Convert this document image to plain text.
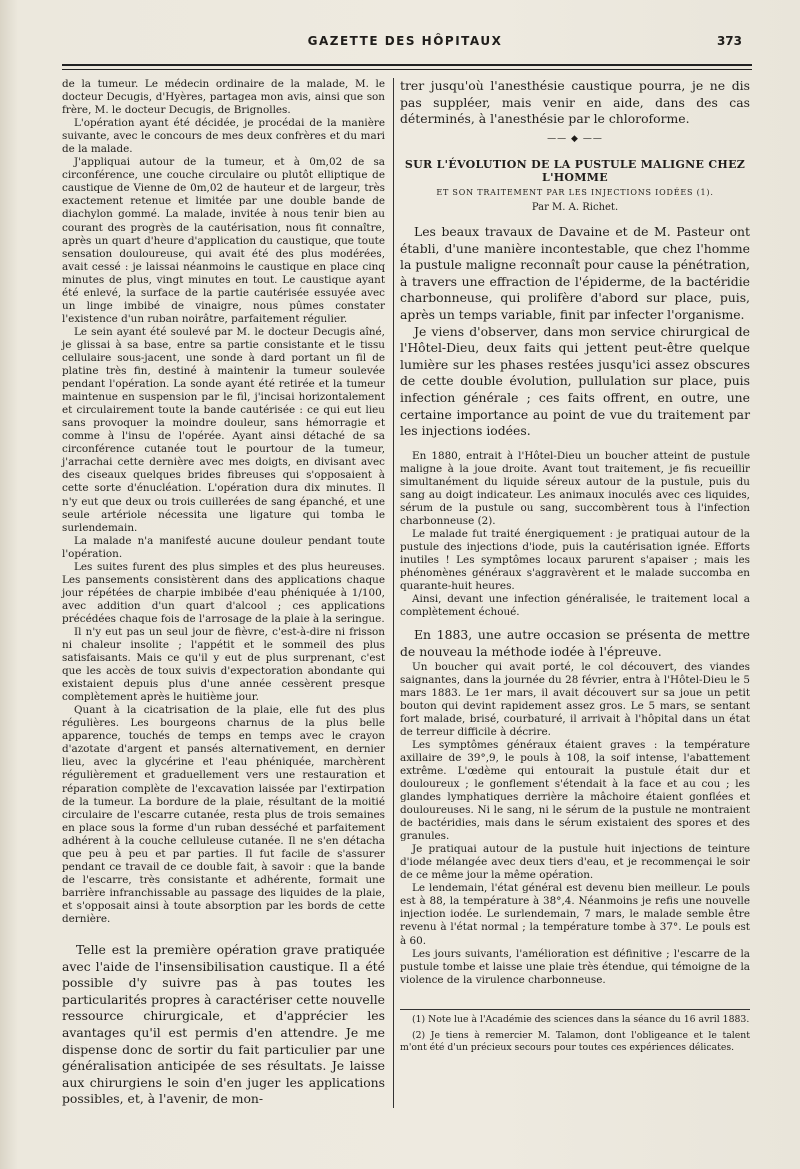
GAZETTE DES HÔPITAUX	373

de la tumeur. Le médecin ordinaire de la malade, M. le docteur Decugis, d'Hyères, partagea mon avis, ainsi que son frère, M. le docteur Decugis, de Brignolles.

L'opération ayant été décidée, je procédai de la manière suivante, avec le concours de mes deux confrères et du mari de la malade.

J'appliquai autour de la tumeur, et à 0m,02 de sa circonférence, une couche circulaire ou plutôt elliptique de caustique de Vienne de 0m,02 de hauteur et de largeur, très exactement retenue et limitée par une double bande de diachylon gommé. La malade, invitée à nous tenir bien au courant des progrès de la cautérisation, nous fit connaître, après un quart d'heure d'application du caustique, que toute sensation douloureuse, qui avait été des plus modérées, avait cessé : je laissai néanmoins le caustique en place cinq minutes de plus, vingt minutes en tout. Le caustique ayant été enlevé, la surface de la partie cautérisée essuyée avec un linge imbibé de vinaigre, nous pûmes constater l'existence d'un ruban noirâtre, parfaitement régulier.

Le sein ayant été soulevé par M. le docteur Decugis aîné, je glissai à sa base, entre sa partie consistante et le tissu cellulaire sous-jacent, une sonde à dard portant un fil de platine très fin, destiné à maintenir la tumeur soulevée pendant l'opération. La sonde ayant été retirée et la tumeur maintenue en suspension par le fil, j'incisai horizontalement et circulairement toute la bande cautérisée : ce qui eut lieu sans provoquer la moindre douleur, sans hémorragie et comme à l'insu de l'opérée. Ayant ainsi détaché de sa circonférence cutanée tout le pourtour de la tumeur, j'arrachai cette dernière avec mes doigts, en divisant avec des ciseaux quelques brides fibreuses qui s'opposaient à cette sorte d'énucléation. L'opération dura dix minutes. Il n'y eut que deux ou trois cuillerées de sang épanché, et une seule artériole nécessita une ligature qui tomba le surlendemain.

La malade n'a manifesté aucune douleur pendant toute l'opération.

Les suites furent des plus simples et des plus heureuses. Les pansements consistèrent dans des applications chaque jour répétées de charpie imbibée d'eau phéniquée à 1/100, avec addition d'un quart d'alcool ; ces applications précédées chaque fois de l'arrosage de la plaie à la seringue.

Il n'y eut pas un seul jour de fièvre, c'est-à-dire ni frisson ni chaleur insolite ; l'appétit et le sommeil des plus satisfaisants. Mais ce qu'il y eut de plus surprenant, c'est que les accès de toux suivis d'expectoration abondante qui existaient depuis plus d'une année cessèrent presque complètement après le huitième jour.

Quant à la cicatrisation de la plaie, elle fut des plus régulières. Les bourgeons charnus de la plus belle apparence, touchés de temps en temps avec le crayon d'azotate d'argent et pansés alternativement, en dernier lieu, avec la glycérine et l'eau phéniquée, marchèrent régulièrement et graduellement vers une restauration et réparation complète de l'excavation laissée par l'extirpation de la tumeur. La bordure de la plaie, résultant de la moitié circulaire de l'escarre cutanée, resta plus de trois semaines en place sous la forme d'un ruban desséché et parfaitement adhérent à la couche celluleuse cutanée. Il ne s'en détacha que peu à peu et par parties. Il fut facile de s'assurer pendant ce travail de ce double fait, à savoir : que la bande de l'escarre, très consistante et adhérente, formait une barrière infranchissable au passage des liquides de la plaie, et s'opposait ainsi à toute absorption par les bords de cette dernière.

Telle est la première opération grave pratiquée avec l'aide de l'insensibilisation caustique. Il a été possible d'y suivre pas à pas toutes les particularités propres à caractériser cette nouvelle ressource chirurgicale, et d'apprécier les avantages qu'il est permis d'en attendre. Je me dispense donc de sortir du fait particulier par une généralisation anticipée de ses résultats. Je laisse aux chirurgiens le soin d'en juger les applications possibles, et, à l'avenir, de mon-

trer jusqu'où l'anesthésie caustique pourra, je ne dis pas suppléer, mais venir en aide, dans des cas déterminés, à l'anesthésie par le chloroforme.

—— ◆ ——
SUR L'ÉVOLUTION DE LA PUSTULE MALIGNE CHEZ L'HOMME
ET SON TRAITEMENT PAR LES INJECTIONS IODÉES (1).
Par M. A. Richet.

Les beaux travaux de Davaine et de M. Pasteur ont établi, d'une manière incontestable, que chez l'homme la pustule maligne reconnaît pour cause la pénétration, à travers une effraction de l'épiderme, de la bactéridie charbonneuse, qui prolifère d'abord sur place, puis, après un temps variable, finit par infecter l'organisme.

Je viens d'observer, dans mon service chirurgical de l'Hôtel-Dieu, deux faits qui jettent peut-être quelque lumière sur les phases restées jusqu'ici assez obscures de cette double évolution, pullulation sur place, puis infection générale ; ces faits offrent, en outre, une certaine importance au point de vue du traitement par les injections iodées.

En 1880, entrait à l'Hôtel-Dieu un boucher atteint de pustule maligne à la joue droite. Avant tout traitement, je fis recueillir simultanément du liquide séreux autour de la pustule, puis du sang au doigt indicateur. Les animaux inoculés avec ces liquides, sérum de la pustule ou sang, succombèrent tous à l'infection charbonneuse (2).

Le malade fut traité énergiquement : je pratiquai autour de la pustule des injections d'iode, puis la cautérisation ignée. Efforts inutiles ! Les symptômes locaux parurent s'apaiser ; mais les phénomènes généraux s'aggravèrent et le malade succomba en quarante-huit heures.

Ainsi, devant une infection généralisée, le traitement local a complètement échoué.

En 1883, une autre occasion se présenta de mettre de nouveau la méthode iodée à l'épreuve.

Un boucher qui avait porté, le col découvert, des viandes saignantes, dans la journée du 28 février, entra à l'Hôtel-Dieu le 5 mars 1883. Le 1er mars, il avait découvert sur sa joue un petit bouton qui devint rapidement assez gros. Le 5 mars, se sentant fort malade, brisé, courbaturé, il arrivait à l'hôpital dans un état de terreur difficile à décrire.

Les symptômes généraux étaient graves : la température axillaire de 39°,9, le pouls à 108, la soif intense, l'abattement extrême. L'œdème qui entourait la pustule était dur et douloureux ; le gonflement s'étendait à la face et au cou ; les glandes lymphatiques derrière la mâchoire étaient gonflées et douloureuses. Ni le sang, ni le sérum de la pustule ne montraient de bactéridies, mais dans le sérum existaient des spores et des granules.

Je pratiquai autour de la pustule huit injections de teinture d'iode mélangée avec deux tiers d'eau, et je recommençai le soir de ce même jour la même opération.

Le lendemain, l'état général est devenu bien meilleur. Le pouls est à 88, la température à 38°,4. Néanmoins je refis une nouvelle injection iodée. Le surlendemain, 7 mars, le malade semble être revenu à l'état normal ; la température tombe à 37°. Le pouls est à 60.

Les jours suivants, l'amélioration est définitive ; l'escarre de la pustule tombe et laisse une plaie très étendue, qui témoigne de la violence de la virulence charbonneuse.

(1) Note lue à l'Académie des sciences dans la séance du 16 avril 1883.

(2) Je tiens à remercier M. Talamon, dont l'obligeance et le talent m'ont été d'un précieux secours pour toutes ces expériences délicates.
